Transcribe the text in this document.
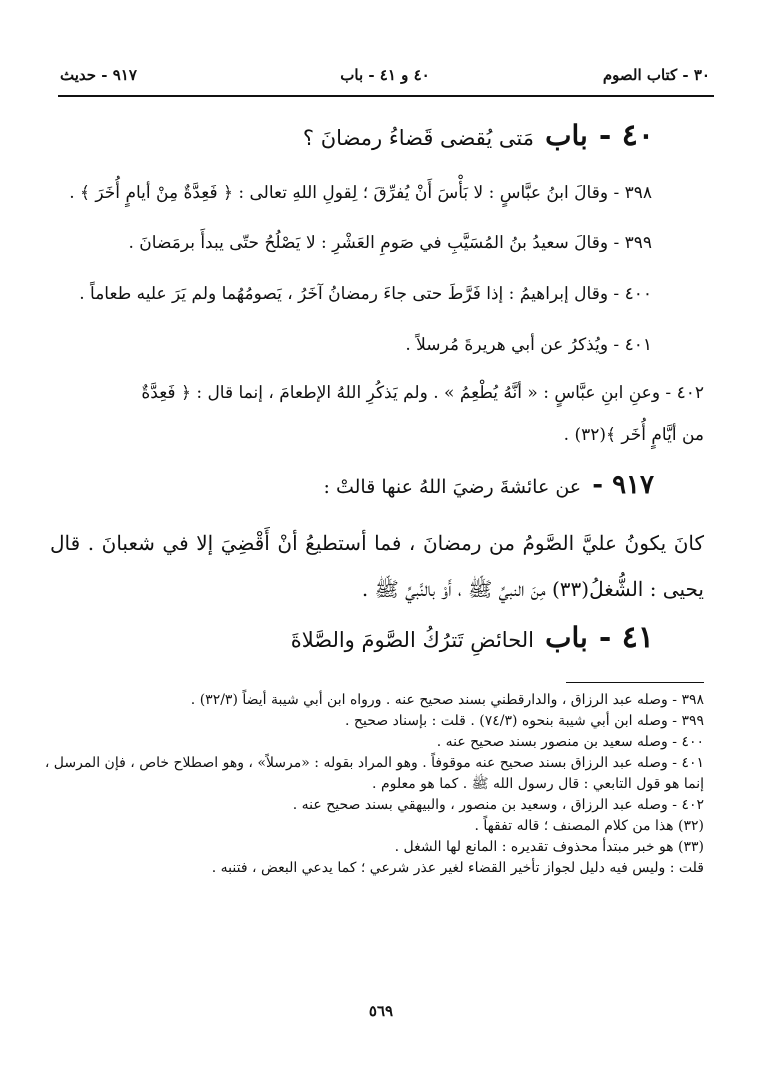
٣٠ - كتاب الصوم
٤٠ و ٤١ - باب
٩١٧ - حديث
٤٠ - باب مَتى يُقضى قَضاءُ رمضانَ ؟
٣٩٨ - وقالَ ابنُ عبَّاسٍ : لا بَأْسَ أَنْ يُفرِّقَ ؛ لِقولِ اللهِ تعالى : ﴿ فَعِدَّةٌ مِنْ أيامٍ أُخَرَ ﴾ .
٣٩٩ - وقالَ سعيدُ بنُ المُسَيَّبِ في صَومِ العَشْرِ : لا يَصْلُحُ حتّى يبدأَ برمَضانَ .
٤٠٠ - وقال إبراهيمُ : إذا فَرَّطَ حتى جاءَ رمضانُ آخَرُ ، يَصومُهُما ولم يَرَ عليه طعاماً .
٤٠١ - ويُذكرُ عن أبي هريرةَ مُرسلاً .
٤٠٢ - وعنِ ابنِ عبَّاسٍ : « أنَّهُ يُطْعِمُ » . ولم يَذكُرِ اللهُ الإطعامَ ، إنما قال : ﴿ فَعِدَّةٌ
من أيَّامٍ أُخَر ﴾(٣٢) .
٩١٧ - عن عائشةَ رضيَ اللهُ عنها قالتْ :
كانَ يكونُ عليَّ الصَّومُ من رمضانَ ، فما أستطيعُ أنْ أَقْضِيَ إلا في شعبانَ . قال يحيى : الشُّغلُ(٣٣) مِنَ النبيِّ ﷺ ، أَوْ بالنَّبيِّ ﷺ .
٤١ - باب الحائضِ تَترُكُ الصَّومَ والصَّلاةَ

٣٩٨ - وصله عبد الرزاق ، والدارقطني بسند صحيح عنه . ورواه ابن أبي شيبة أيضاً (٣٢/٣) .

٣٩٩ - وصله ابن أبي شيبة بنحوه (٧٤/٣) . قلت : بإسناد صحيح .

٤٠٠ - وصله سعيد بن منصور بسند صحيح عنه .

٤٠١ - وصله عبد الرزاق بسند صحيح عنه موقوفاً . وهو المراد بقوله : «مرسلاً» ، وهو اصطلاح خاص ، فإن المرسل ، إنما هو قول التابعي : قال رسول الله ﷺ . كما هو معلوم .

٤٠٢ - وصله عبد الرزاق ، وسعيد بن منصور ، والبيهقي بسند صحيح عنه .

(٣٢) هذا من كلام المصنف ؛ قاله تفقهاً .

(٣٣) هو خبر مبتدأ محذوف تقديره : المانع لها الشغل .

قلت : وليس فيه دليل لجواز تأخير القضاء لغير عذر شرعي ؛ كما يدعي البعض ، فتنبه .

٥٦٩
